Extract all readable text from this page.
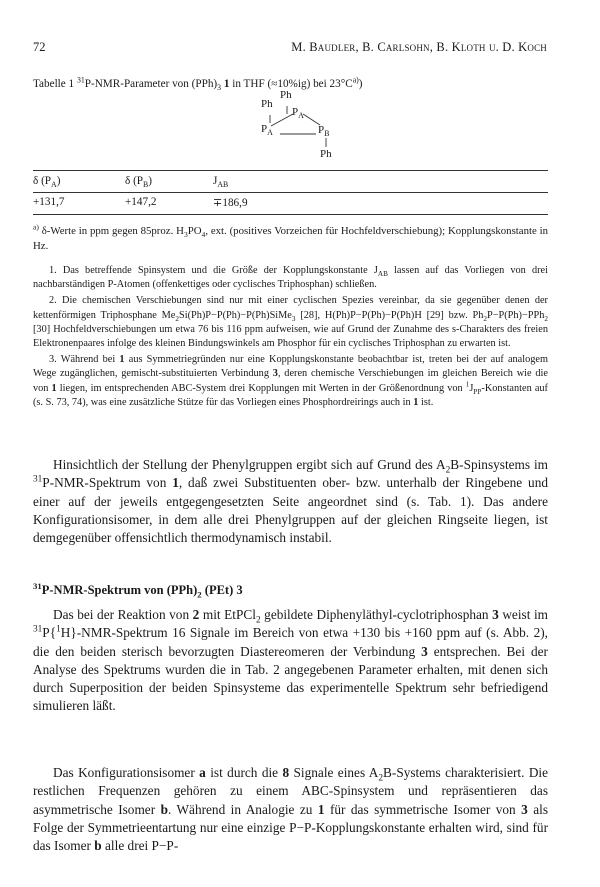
72	M. Baudler, B. Carlsohn, B. Kloth u. D. Koch
Tabelle 1 $^{31}$P-NMR-Parameter von $(PPh)_3$ 1 in THF (≈10%ig) bei $23^\circ C^{a)}$)
Ph
Ph
$P_A$
$P_A$	$P_B$
Ph
δ $(P_A)$	δ $(P_B)$	$J_{AB}$
+131,7	+147,2	∓186,9
$^{a)}$ δ-Werte in ppm gegen 85proz. $H_3PO_4$, ext. (positives Vorzeichen für Hochfeldverschiebung); Kopplungskonstante in Hz.

1. Das betreffende Spinsystem und die Größe der Kopplungskonstante $J_{AB}$ lassen auf das Vorliegen von drei nachbarständigen P-Atomen (offenkettiges oder cyclisches Triphosphan) schließen.

2. Die chemischen Verschiebungen sind nur mit einer cyclischen Spezies vereinbar, da sie gegenüber denen der kettenförmigen Triphosphane $Me_2Si(Ph)P-P(Ph)-P(Ph)SiMe_3$ [28], H(Ph)P−P(Ph)−P(Ph)H [29] bzw. $Ph_2P-P(Ph)-PPh_2$ [30] Hochfeldverschiebungen um etwa 76 bis 116 ppm aufweisen, wie auf Grund der Zunahme des s-Charakters des freien Elektronenpaares infolge des kleinen Bindungswinkels am Phosphor für ein cyclisches Triphosphan zu erwarten ist.

3. Während bei 1 aus Symmetriegründen nur eine Kopplungskonstante beobachtbar ist, treten bei der auf analogem Wege zugänglichen, gemischt-substituierten Verbindung 3, deren chemische Verschiebungen im gleichen Bereich wie die von 1 liegen, im entsprechenden ABC-System drei Kopplungen mit Werten in der Größenordnung von $^1J_{PP}$-Konstanten auf (s. S. 73, 74), was eine zusätzliche Stütze für das Vorliegen eines Phosphordreirings auch in 1 ist.

Hinsichtlich der Stellung der Phenylgruppen ergibt sich auf Grund des $A_2B$-Spinsystems im $^{31}$P-NMR-Spektrum von 1, daß zwei Substituenten ober- bzw. unterhalb der Ringebene und einer auf der jeweils entgegengesetzten Seite angeordnet sind (s. Tab. 1). Das andere Konfigurationsisomer, in dem alle drei Phenylgruppen auf der gleichen Ringseite liegen, ist demgegenüber offensichtlich thermodynamisch instabil.

$^{31}$P-NMR-Spektrum von $(PPh)_2$ (PEt) 3

Das bei der Reaktion von 2 mit EtPCl$_2$ gebildete Diphenyläthyl-cyclotriphosphan 3 weist im $^{31}$P{$^1$H}-NMR-Spektrum 16 Signale im Bereich von etwa +130 bis +160 ppm auf (s. Abb. 2), die den beiden sterisch bevorzugten Diastereomeren der Verbindung 3 entsprechen. Bei der Analyse des Spektrums wurden die in Tab. 2 angegebenen Parameter erhalten, mit denen sich durch Superposition der beiden Spinsysteme das experimentelle Spektrum sehr befriedigend simulieren läßt.

Das Konfigurationsisomer a ist durch die 8 Signale eines $A_2B$-Systems charakterisiert. Die restlichen Frequenzen gehören zu einem ABC-Spinsystem und repräsentieren das asymmetrische Isomer b. Während in Analogie zu 1 für das symmetrische Isomer von 3 als Folge der Symmetrieentartung nur eine einzige P−P-Kopplungskonstante erhalten wird, sind für das Isomer b alle drei P−P-
